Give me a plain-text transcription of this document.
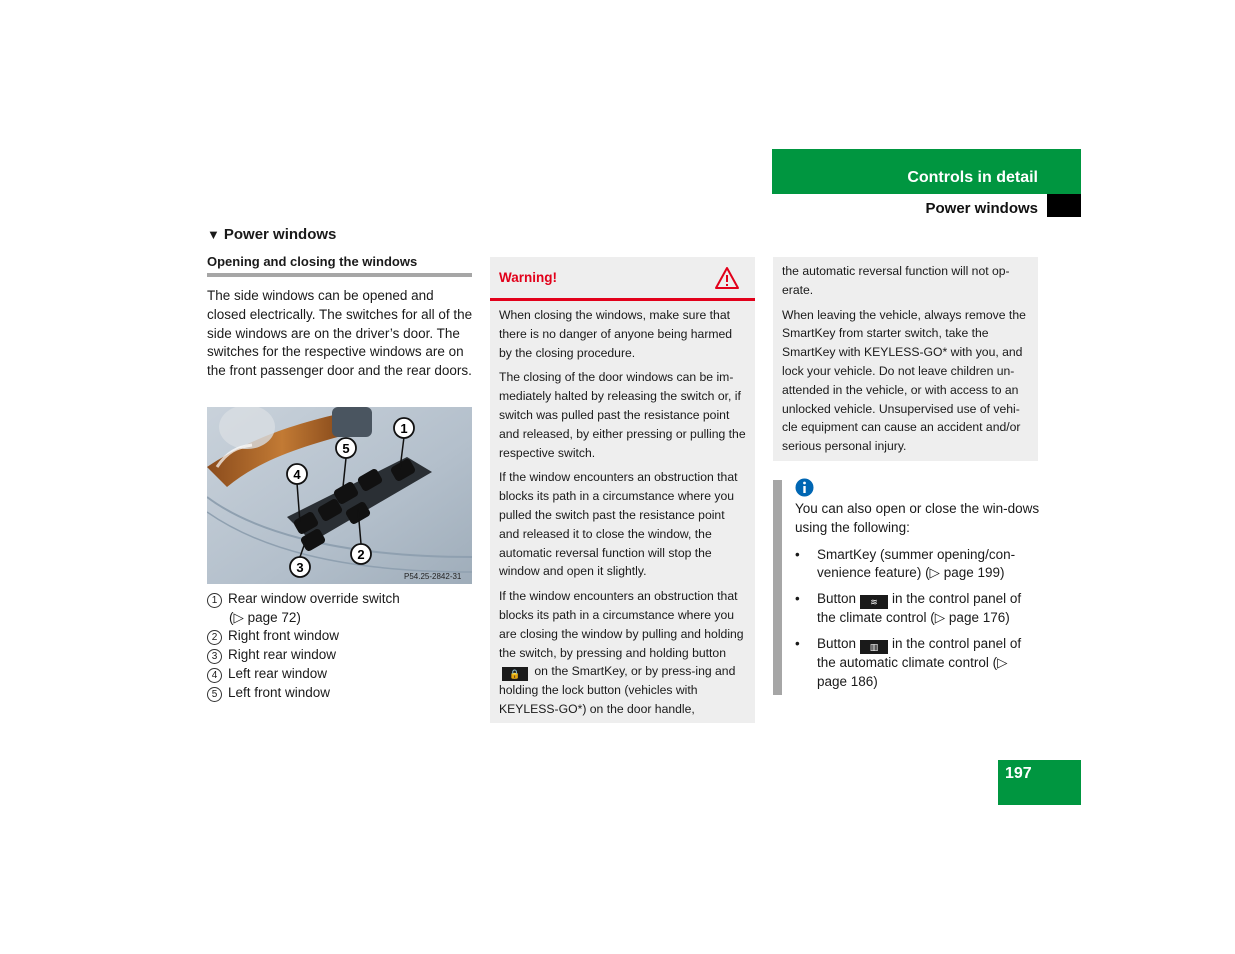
Controls in detail
Power windows
▼ Power windows
Opening and closing the windows
The side windows can be opened and closed electrically. The switches for all of the side windows are on the driver’s door. The switches for the respective windows are on the front passenger door and the rear doors.
1
5
4
2
3
P54.25-2842-31
1 Rear window override switch
(▷ page 72)
2 Right front window
3 Right rear window
4 Left rear window
5 Left front window
Warning!

When closing the windows, make sure that there is no danger of anyone being harmed by the closing procedure.

The closing of the door windows can be im-mediately halted by releasing the switch or, if switch was pulled past the resistance point and released, by either pressing or pulling the respective switch.

If the window encounters an obstruction that blocks its path in a circumstance where you pulled the switch past the resistance point and released it to close the window, the automatic reversal function will stop the window and open it slightly.

If the window encounters an obstruction that blocks its path in a circumstance where you are closing the window by pulling and holding the switch, by pressing and holding button 🔒 on the SmartKey, or by press-ing and holding the lock button (vehicles with KEYLESS-GO*) on the door handle,

the automatic reversal function will not op-erate.

When leaving the vehicle, always remove the SmartKey from starter switch, take the SmartKey with KEYLESS-GO* with you, and lock your vehicle. Do not leave children un-attended in the vehicle, or with access to an unlocked vehicle. Unsupervised use of vehi-cle equipment can cause an accident and/or serious personal injury.

You can also open or close the win-dows using the following:

•	SmartKey (summer opening/con-venience feature) (▷ page 199)
•	Button ≋ in the control panel of the climate control (▷ page 176)
•	Button ▥ in the control panel of the automatic climate control (▷ page 186)
197
